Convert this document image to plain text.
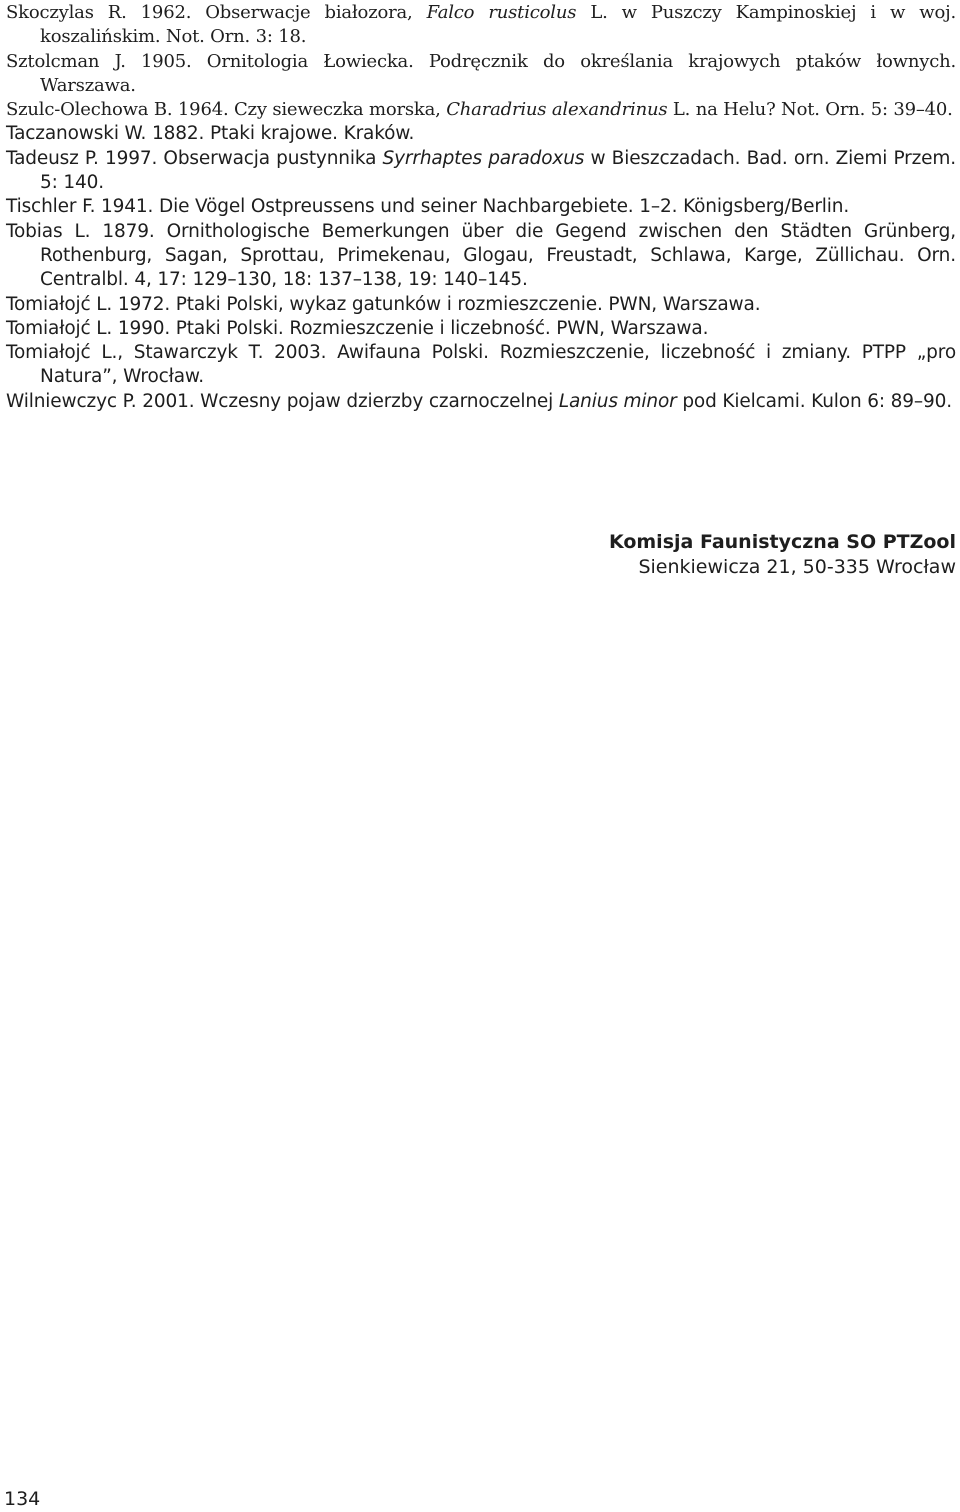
Skoczylas R. 1962. Obserwacje białozora, Falco rusticolus L. w Puszczy Kampinoskiej i w woj. koszalińskim. Not. Orn. 3: 18.

Sztolcman J. 1905. Ornitologia Łowiecka. Podręcznik do określania krajowych ptaków łownych. Warszawa.

Szulc-Olechowa B. 1964. Czy sieweczka morska, Charadrius alexandrinus L. na Helu? Not. Orn. 5: 39–40.

Taczanowski W. 1882. Ptaki krajowe. Kraków.

Tadeusz P. 1997. Obserwacja pustynnika Syrrhaptes paradoxus w Bieszczadach. Bad. orn. Ziemi Przem. 5: 140.

Tischler F. 1941. Die Vögel Ostpreussens und seiner Nachbargebiete. 1–2. Königsberg/Berlin.

Tobias L. 1879. Ornithologische Bemerkungen über die Gegend zwischen den Städten Grünberg, Rothenburg, Sagan, Sprottau, Primekenau, Glogau, Freustadt, Schlawa, Karge, Züllichau. Orn. Centralbl. 4, 17: 129–130, 18: 137–138, 19: 140–145.

Tomiałojć L. 1972. Ptaki Polski, wykaz gatunków i rozmieszczenie. PWN, Warszawa.

Tomiałojć L. 1990. Ptaki Polski. Rozmieszczenie i liczebność. PWN, Warszawa.

Tomiałojć L., Stawarczyk T. 2003. Awifauna Polski. Rozmieszczenie, liczebność i zmiany. PTPP „pro Natura”, Wrocław.

Wilniewczyc P. 2001. Wczesny pojaw dzierzby czarnoczelnej Lanius minor pod Kielcami. Kulon 6: 89–90.

Komisja Faunistyczna SO PTZool
Sienkiewicza 21, 50-335 Wrocław
134
